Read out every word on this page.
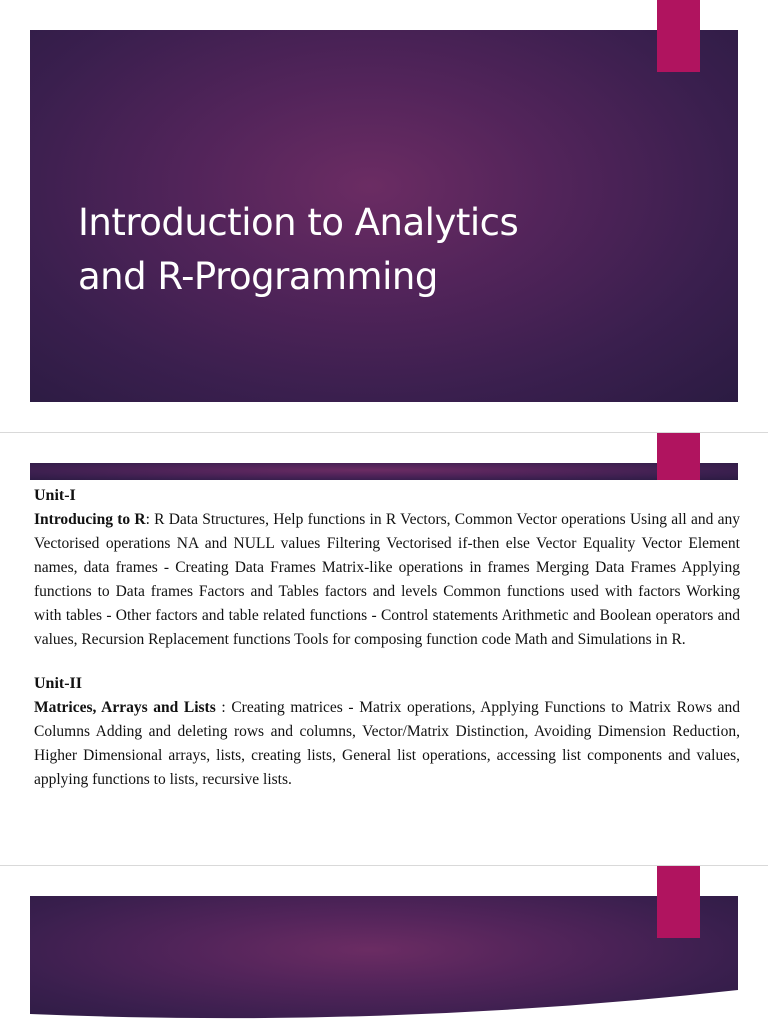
Introduction to Analytics
and R-Programming

Unit-I

Introducing to R: R Data Structures, Help functions in R Vectors, Common Vector operations Using all and any Vectorised operations NA and NULL values Filtering Vectorised if-then else Vector Equality Vector Element names, data frames - Creating Data Frames Matrix-like operations in frames Merging Data Frames Applying functions to Data frames Factors and Tables factors and levels Common functions used with factors Working with tables - Other factors and table related functions - Control statements Arithmetic and Boolean operators and values, Recursion Replacement functions Tools for composing function code Math and Simulations in R.

Unit-II

Matrices, Arrays and Lists : Creating matrices - Matrix operations, Applying Functions to Matrix Rows and Columns Adding and deleting rows and columns, Vector/Matrix Distinction, Avoiding Dimension Reduction, Higher Dimensional arrays, lists, creating lists, General list operations, accessing list components and values, applying functions to lists, recursive lists.
